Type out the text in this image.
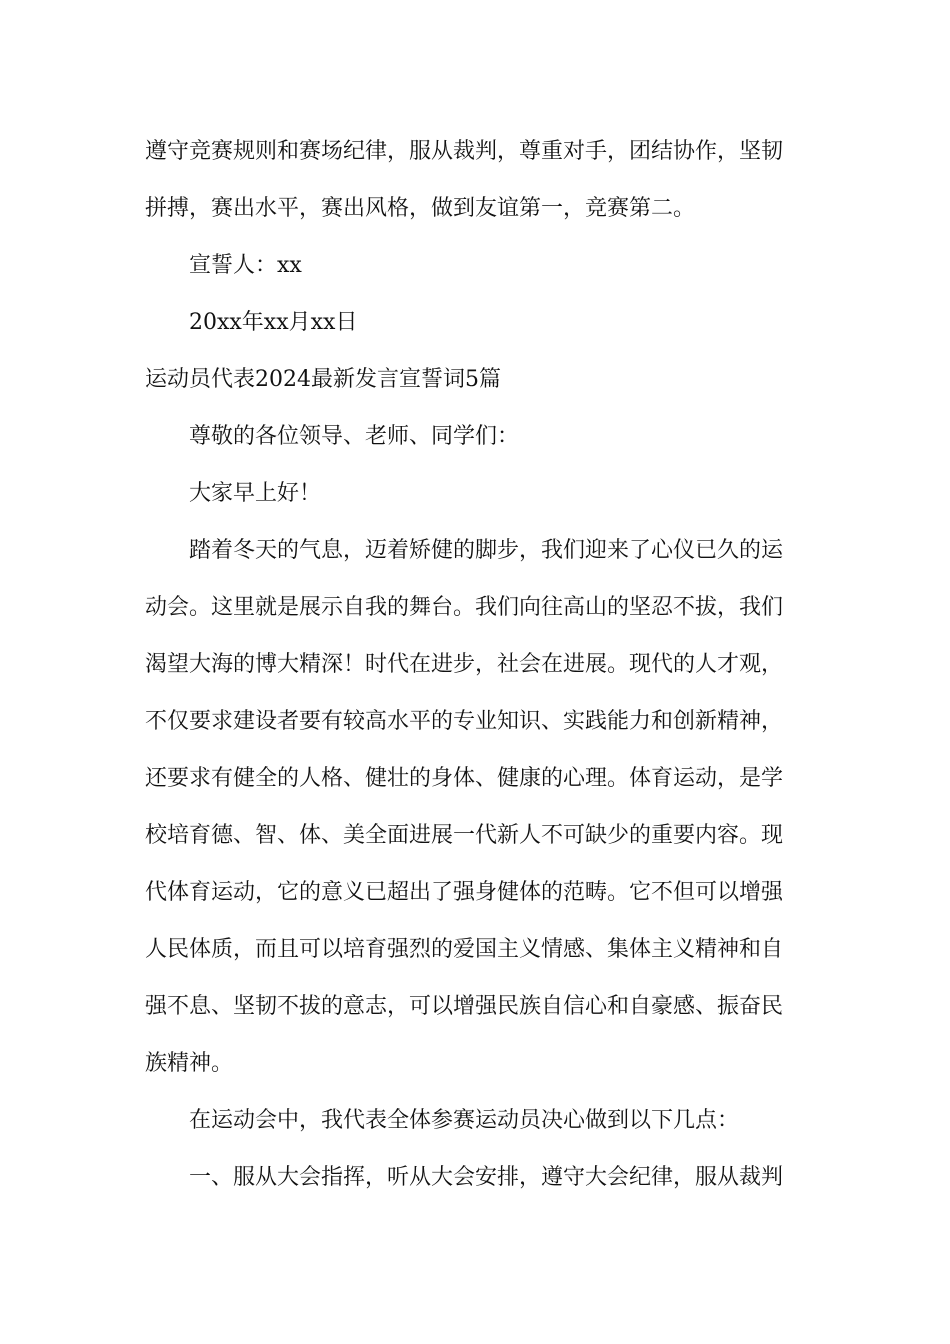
遵守竞赛规则和赛场纪律，服从裁判，尊重对手，团结协作，坚韧
拼搏，赛出水平，赛出风格，做到友谊第一，竞赛第二。
宣誓人：xx
20xx年xx月xx日
运动员代表2024最新发言宣誓词5篇
尊敬的各位领导、老师、同学们：
大家早上好！
踏着冬天的气息，迈着矫健的脚步，我们迎来了心仪已久的运
动会。这里就是展示自我的舞台。我们向往高山的坚忍不拔，我们
渴望大海的博大精深！时代在进步，社会在进展。现代的人才观，
不仅要求建设者要有较高水平的专业知识、实践能力和创新精神，
还要求有健全的人格、健壮的身体、健康的心理。体育运动，是学
校培育德、智、体、美全面进展一代新人不可缺少的重要内容。现
代体育运动，它的意义已超出了强身健体的范畴。它不但可以增强
人民体质，而且可以培育强烈的爱国主义情感、集体主义精神和自
强不息、坚韧不拔的意志，可以增强民族自信心和自豪感、振奋民
族精神。
在运动会中，我代表全体参赛运动员决心做到以下几点：
一、服从大会指挥，听从大会安排，遵守大会纪律，服从裁判
